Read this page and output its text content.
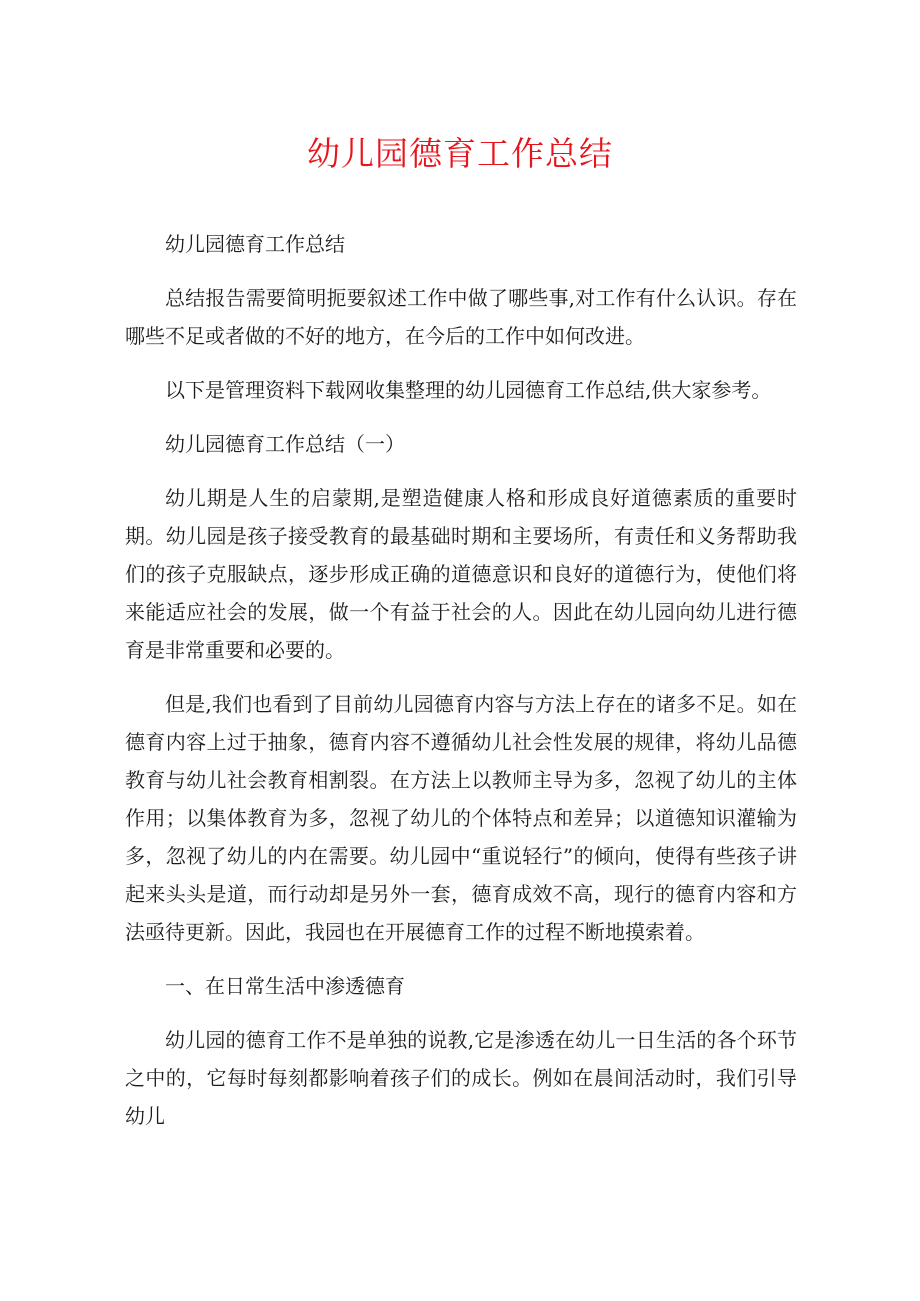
幼儿园德育工作总结

幼儿园德育工作总结

总结报告需要简明扼要叙述工作中做了哪些事,对工作有什么认识。存在哪些不足或者做的不好的地方，在今后的工作中如何改进。

以下是管理资料下载网收集整理的幼儿园德育工作总结,供大家参考。

幼儿园德育工作总结（一）

幼儿期是人生的启蒙期,是塑造健康人格和形成良好道德素质的重要时期。幼儿园是孩子接受教育的最基础时期和主要场所，有责任和义务帮助我们的孩子克服缺点，逐步形成正确的道德意识和良好的道德行为，使他们将来能适应社会的发展，做一个有益于社会的人。因此在幼儿园向幼儿进行德育是非常重要和必要的。

但是,我们也看到了目前幼儿园德育内容与方法上存在的诸多不足。如在德育内容上过于抽象，德育内容不遵循幼儿社会性发展的规律，将幼儿品德教育与幼儿社会教育相割裂。在方法上以教师主导为多，忽视了幼儿的主体作用；以集体教育为多，忽视了幼儿的个体特点和差异；以道德知识灌输为多，忽视了幼儿的内在需要。幼儿园中“重说轻行”的倾向，使得有些孩子讲起来头头是道，而行动却是另外一套，德育成效不高，现行的德育内容和方法亟待更新。因此，我园也在开展德育工作的过程不断地摸索着。

一、在日常生活中渗透德育

幼儿园的德育工作不是单独的说教,它是渗透在幼儿一日生活的各个环节之中的，它每时每刻都影响着孩子们的成长。例如在晨间活动时，我们引导幼儿
